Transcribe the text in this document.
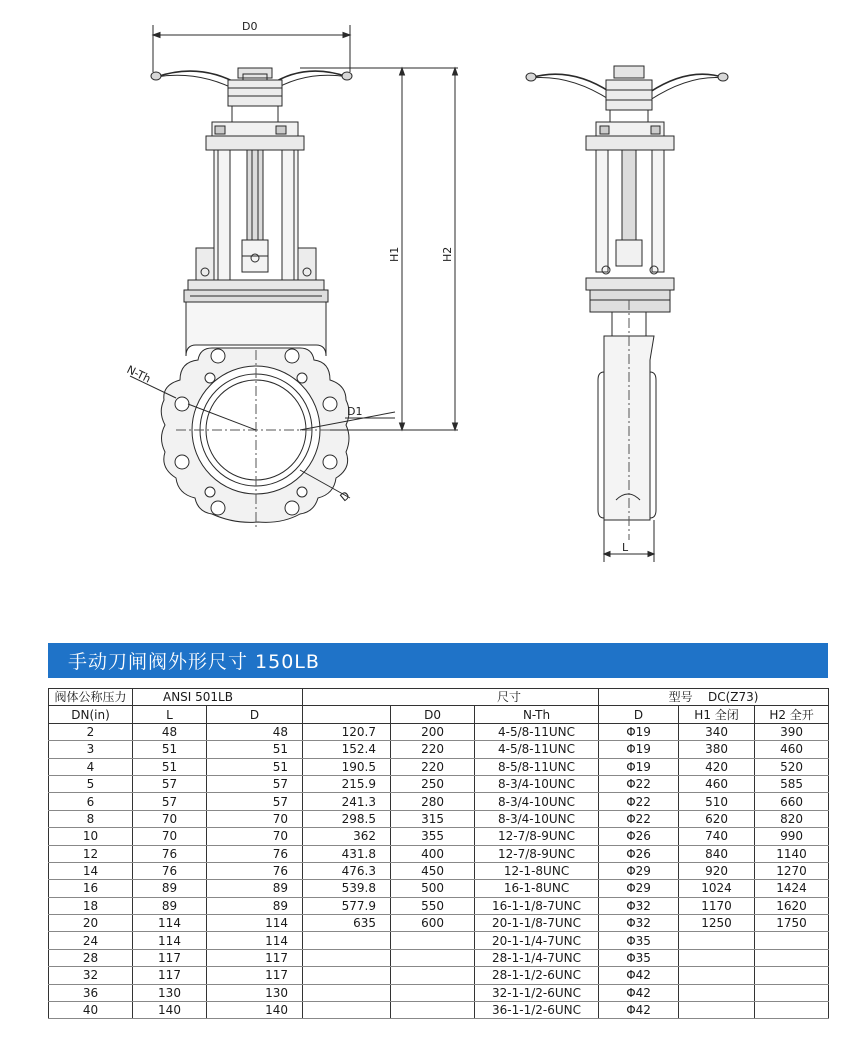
D0
H1	H2
N-Th
D1
D
L
手动刀闸阀外形尺寸 150LB
阀体公称压力	ANSI 501LB		尺寸			型号 DC(Z73)		
DN(in)	L	D		D0	N-Th	D	H1 全闭	H2 全开
2	48	48	120.7	200	4-5/8-11UNC	Φ19	340	390
3	51	51	152.4	220	4-5/8-11UNC	Φ19	380	460
4	51	51	190.5	220	8-5/8-11UNC	Φ19	420	520
5	57	57	215.9	250	8-3/4-10UNC	Φ22	460	585
6	57	57	241.3	280	8-3/4-10UNC	Φ22	510	660
8	70	70	298.5	315	8-3/4-10UNC	Φ22	620	820
10	70	70	362	355	12-7/8-9UNC	Φ26	740	990
12	76	76	431.8	400	12-7/8-9UNC	Φ26	840	1140
14	76	76	476.3	450	12-1-8UNC	Φ29	920	1270
16	89	89	539.8	500	16-1-8UNC	Φ29	1024	1424
18	89	89	577.9	550	16-1-1/8-7UNC	Φ32	1170	1620
20	114	114	635	600	20-1-1/8-7UNC	Φ32	1250	1750
24	114	114			20-1-1/4-7UNC	Φ35		
28	117	117			28-1-1/4-7UNC	Φ35		
32	117	117			28-1-1/2-6UNC	Φ42		
36	130	130			32-1-1/2-6UNC	Φ42		
40	140	140			36-1-1/2-6UNC	Φ42		
